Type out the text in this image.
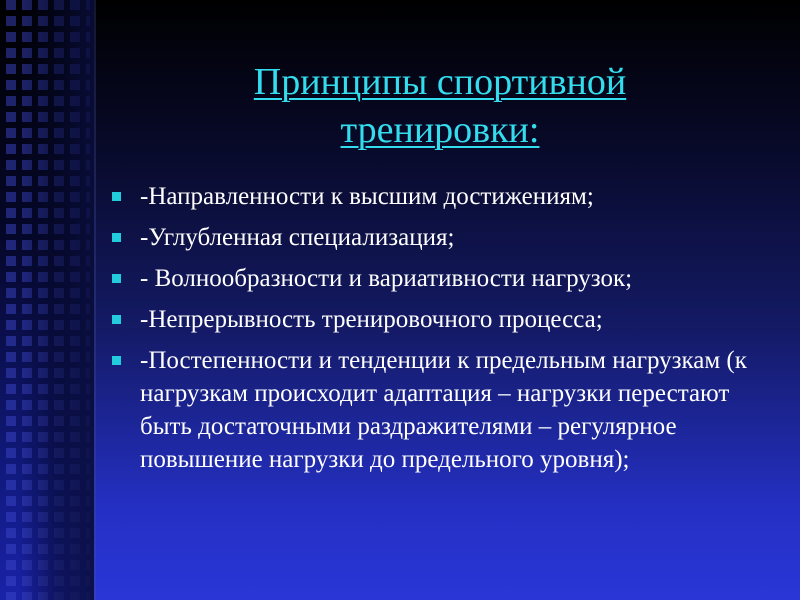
Принципы спортивной тренировки:
-Направленности к высшим достижениям;
-Углубленная специализация;
- Волнообразности и вариативности нагрузок;
-Непрерывность тренировочного процесса;
-Постепенности и тенденции к предельным нагрузкам (к нагрузкам происходит адаптация – нагрузки перестают быть достаточными раздражителями – регулярное повышение нагрузки до предельного уровня);
